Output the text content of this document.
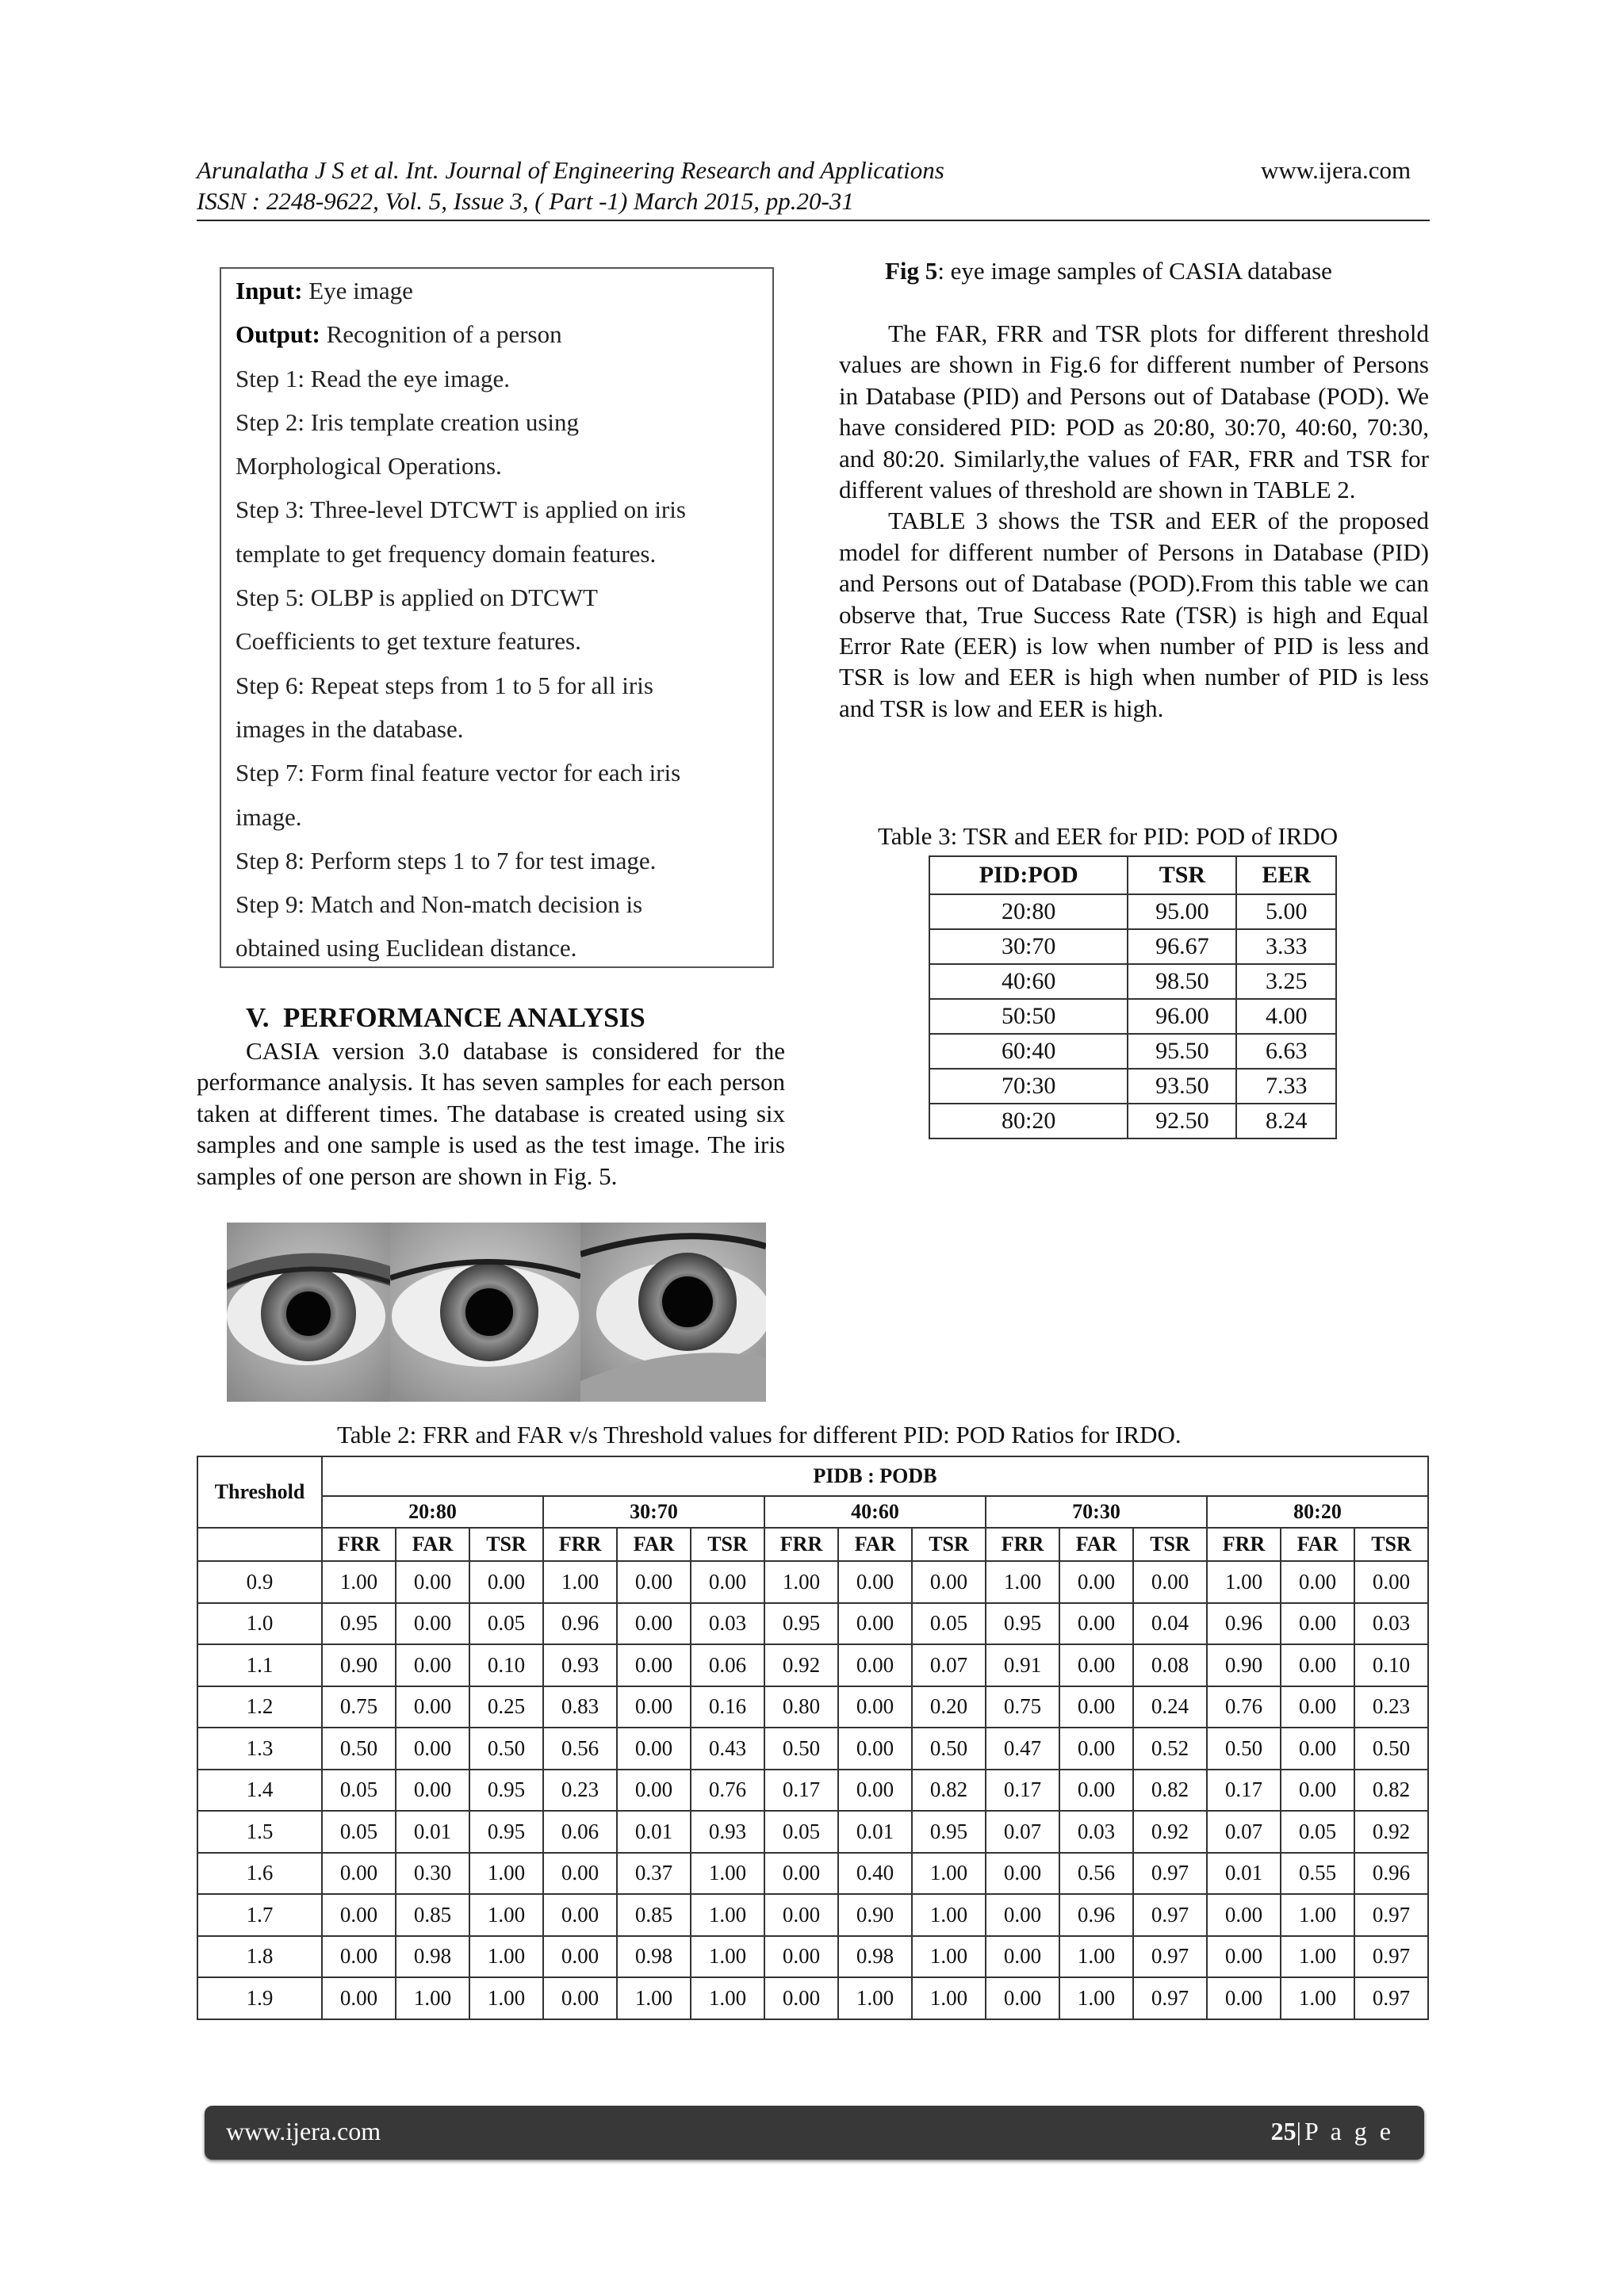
Arunalatha J S et al. Int. Journal of Engineering Research and Applications
ISSN : 2248-9622, Vol. 5, Issue 3, ( Part -1) March 2015, pp.20-31
www.ijera.com

Input: Eye image

Output: Recognition of a person

Step 1: Read the eye image.

Step 2: Iris template creation using

Morphological Operations.

Step 3: Three-level DTCWT is applied on iris

template to get frequency domain features.

Step 5: OLBP is applied on DTCWT

Coefficients to get texture features.

Step 6: Repeat steps from 1 to 5 for all iris

images in the database.

Step 7: Form final feature vector for each iris

image.

Step 8: Perform steps 1 to 7 for test image.

Step 9: Match and Non-match decision is

obtained using Euclidean distance.

V. PERFORMANCE ANALYSIS

CASIA version 3.0 database is considered for the performance analysis. It has seven samples for each person taken at different times. The database is created using six samples and one sample is used as the test image. The iris samples of one person are shown in Fig. 5.

Fig 5: eye image samples of CASIA database

The FAR, FRR and TSR plots for different threshold values are shown in Fig.6 for different number of Persons in Database (PID) and Persons out of Database (POD). We have considered PID: POD as 20:80, 30:70, 40:60, 70:30, and 80:20. Similarly,the values of FAR, FRR and TSR for different values of threshold are shown in TABLE 2.

TABLE 3 shows the TSR and EER of the proposed model for different number of Persons in Database (PID) and Persons out of Database (POD).From this table we can observe that, True Success Rate (TSR) is high and Equal Error Rate (EER) is low when number of PID is less and TSR is low and EER is high when number of PID is less and TSR is low and EER is high.

Table 3: TSR and EER for PID: POD of IRDO
PID:POD	TSR	EER
20:80	95.00	5.00
30:70	96.67	3.33
40:60	98.50	3.25
50:50	96.00	4.00
60:40	95.50	6.63
70:30	93.50	7.33
80:20	92.50	8.24
Table 2: FRR and FAR v/s Threshold values for different PID: POD Ratios for IRDO.
Threshold	PIDB : PODB														
	20:80			30:70			40:60			70:30			80:20		
	FRR	FAR	TSR	FRR	FAR	TSR	FRR	FAR	TSR	FRR	FAR	TSR	FRR	FAR	TSR
0.9	1.00	0.00	0.00	1.00	0.00	0.00	1.00	0.00	0.00	1.00	0.00	0.00	1.00	0.00	0.00
1.0	0.95	0.00	0.05	0.96	0.00	0.03	0.95	0.00	0.05	0.95	0.00	0.04	0.96	0.00	0.03
1.1	0.90	0.00	0.10	0.93	0.00	0.06	0.92	0.00	0.07	0.91	0.00	0.08	0.90	0.00	0.10
1.2	0.75	0.00	0.25	0.83	0.00	0.16	0.80	0.00	0.20	0.75	0.00	0.24	0.76	0.00	0.23
1.3	0.50	0.00	0.50	0.56	0.00	0.43	0.50	0.00	0.50	0.47	0.00	0.52	0.50	0.00	0.50
1.4	0.05	0.00	0.95	0.23	0.00	0.76	0.17	0.00	0.82	0.17	0.00	0.82	0.17	0.00	0.82
1.5	0.05	0.01	0.95	0.06	0.01	0.93	0.05	0.01	0.95	0.07	0.03	0.92	0.07	0.05	0.92
1.6	0.00	0.30	1.00	0.00	0.37	1.00	0.00	0.40	1.00	0.00	0.56	0.97	0.01	0.55	0.96
1.7	0.00	0.85	1.00	0.00	0.85	1.00	0.00	0.90	1.00	0.00	0.96	0.97	0.00	1.00	0.97
1.8	0.00	0.98	1.00	0.00	0.98	1.00	0.00	0.98	1.00	0.00	1.00	0.97	0.00	1.00	0.97
1.9	0.00	1.00	1.00	0.00	1.00	1.00	0.00	1.00	1.00	0.00	1.00	0.97	0.00	1.00	0.97
www.ijera.com	25|P a g e
